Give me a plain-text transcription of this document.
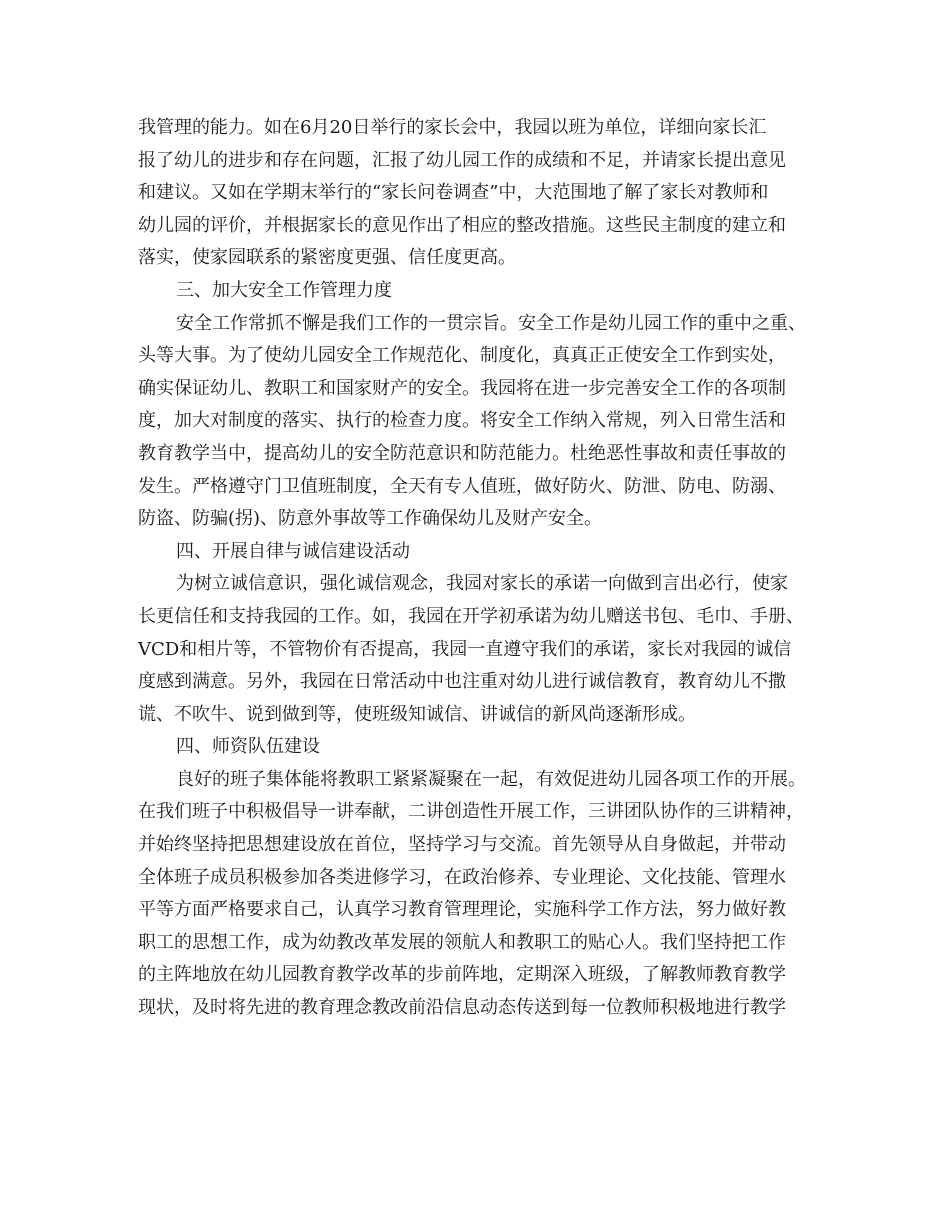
我管理的能力。如在6月20日举行的家长会中，我园以班为单位，详细向家长汇

报了幼儿的进步和存在问题，汇报了幼儿园工作的成绩和不足，并请家长提出意见

和建议。又如在学期末举行的“家长问卷调查”中，大范围地了解了家长对教师和

幼儿园的评价，并根据家长的意见作出了相应的整改措施。这些民主制度的建立和

落实，使家园联系的紧密度更强、信任度更高。

三、加大安全工作管理力度

安全工作常抓不懈是我们工作的一贯宗旨。安全工作是幼儿园工作的重中之重、

头等大事。为了使幼儿园安全工作规范化、制度化，真真正正使安全工作到实处，

确实保证幼儿、教职工和国家财产的安全。我园将在进一步完善安全工作的各项制

度，加大对制度的落实、执行的检查力度。将安全工作纳入常规，列入日常生活和

教育教学当中，提高幼儿的安全防范意识和防范能力。杜绝恶性事故和责任事故的

发生。严格遵守门卫值班制度，全天有专人值班，做好防火、防泄、防电、防溺、

防盗、防骗(拐)、防意外事故等工作确保幼儿及财产安全。

四、开展自律与诚信建设活动

为树立诚信意识，强化诚信观念，我园对家长的承诺一向做到言出必行，使家

长更信任和支持我园的工作。如，我园在开学初承诺为幼儿赠送书包、毛巾、手册、

VCD和相片等，不管物价有否提高，我园一直遵守我们的承诺，家长对我园的诚信

度感到满意。另外，我园在日常活动中也注重对幼儿进行诚信教育，教育幼儿不撒

谎、不吹牛、说到做到等，使班级知诚信、讲诚信的新风尚逐渐形成。

四、师资队伍建设

良好的班子集体能将教职工紧紧凝聚在一起，有效促进幼儿园各项工作的开展。

在我们班子中积极倡导一讲奉献，二讲创造性开展工作，三讲团队协作的三讲精神，

并始终坚持把思想建设放在首位，坚持学习与交流。首先领导从自身做起，并带动

全体班子成员积极参加各类进修学习，在政治修养、专业理论、文化技能、管理水

平等方面严格要求自己，认真学习教育管理理论，实施科学工作方法，努力做好教

职工的思想工作，成为幼教改革发展的领航人和教职工的贴心人。我们坚持把工作

的主阵地放在幼儿园教育教学改革的步前阵地，定期深入班级，了解教师教育教学

现状，及时将先进的教育理念教改前沿信息动态传送到每一位教师积极地进行教学
